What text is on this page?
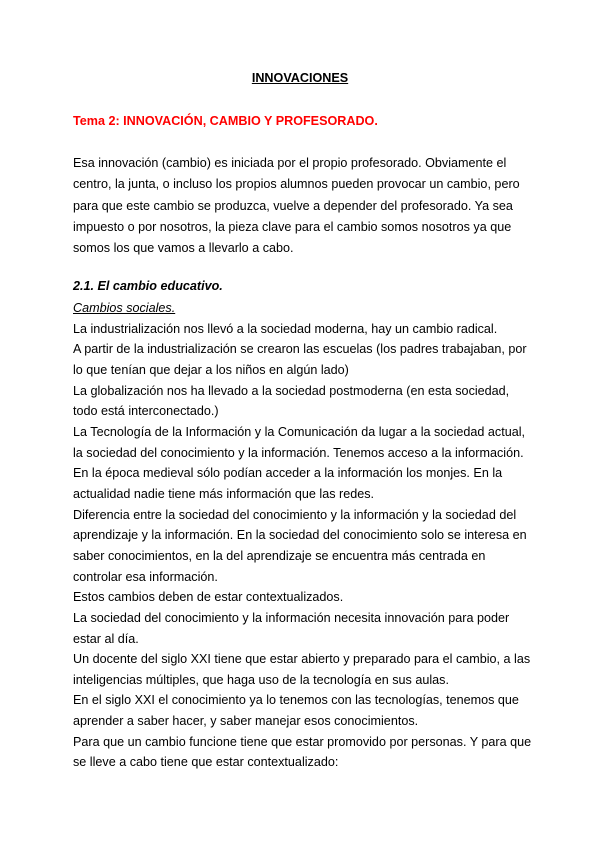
INNOVACIONES
Tema 2: INNOVACIÓN, CAMBIO Y PROFESORADO.

Esa innovación (cambio) es iniciada por el propio profesorado. Obviamente el centro, la junta, o incluso los propios alumnos pueden provocar un cambio, pero para que este cambio se produzca, vuelve a depender del profesorado. Ya sea impuesto o por nosotros, la pieza clave para el cambio somos nosotros ya que somos los que vamos a llevarlo a cabo.

2.1. El cambio educativo.
Cambios sociales.
La industrialización nos llevó a la sociedad moderna, hay un cambio radical.
A partir de la industrialización se crearon las escuelas (los padres trabajaban, por lo que tenían que dejar a los niños en algún lado)
La globalización nos ha llevado a la sociedad postmoderna (en esta sociedad, todo está interconectado.)
La Tecnología de la Información y la Comunicación da lugar a la sociedad actual, la sociedad del conocimiento y la información. Tenemos acceso a la información. En la época medieval sólo podían acceder a la información los monjes. En la actualidad nadie tiene más información que las redes.
Diferencia entre la sociedad del conocimiento y la información y la sociedad del aprendizaje y la información. En la sociedad del conocimiento solo se interesa en saber conocimientos, en la del aprendizaje se encuentra más centrada en controlar esa información.
Estos cambios deben de estar contextualizados.
La sociedad del conocimiento y la información necesita innovación para poder estar al día.
Un docente del siglo XXI tiene que estar abierto y preparado para el cambio, a las inteligencias múltiples, que haga uso de la tecnología en sus aulas.
En el siglo XXI el conocimiento ya lo tenemos con las tecnologías, tenemos que aprender a saber hacer, y saber manejar esos conocimientos.
Para que un cambio funcione tiene que estar promovido por personas. Y para que se lleve a cabo tiene que estar contextualizado:
